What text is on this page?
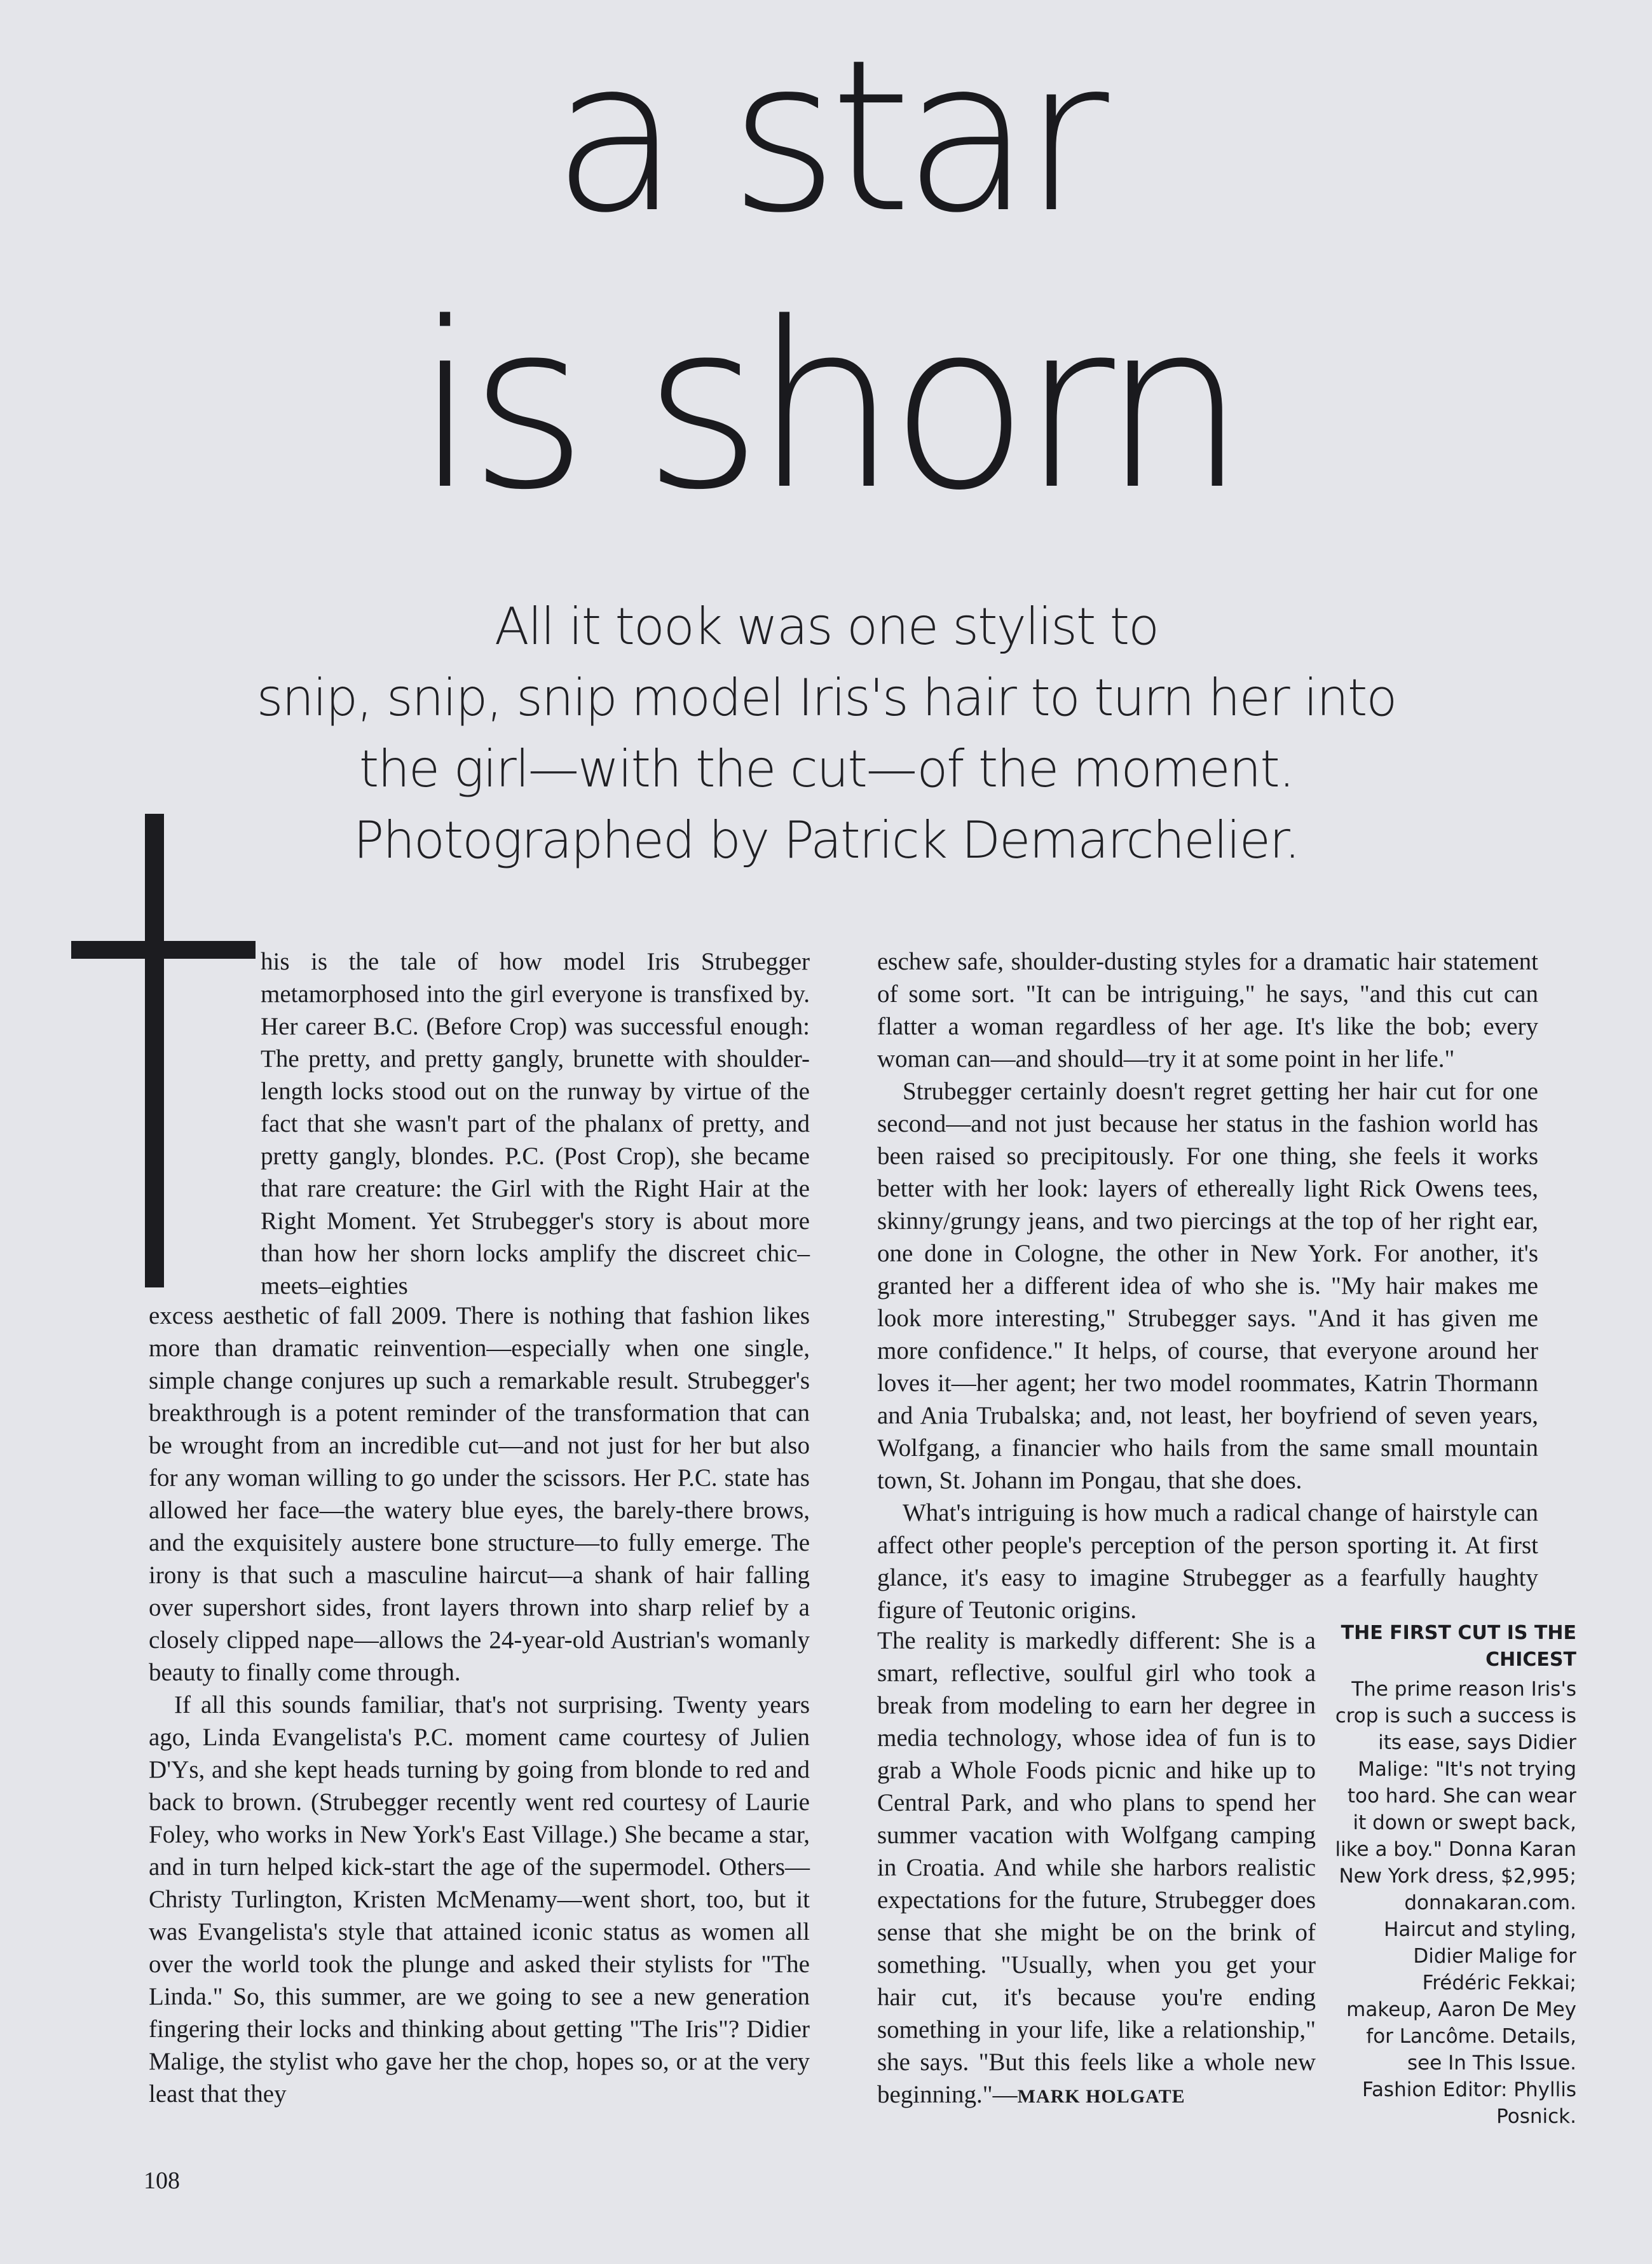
a star
is shorn
All it took was one stylist to
snip, snip, snip model Iris's hair to turn her into
the girl—with the cut—of the moment.
Photographed by Patrick Demarchelier.

his is the tale of how model Iris Strubegger metamorphosed into the girl everyone is transfixed by. Her career B.C. (Before Crop) was successful enough: The pretty, and pretty gangly, brunette with shoulder-length locks stood out on the runway by virtue of the fact that she wasn't part of the phalanx of pretty, and pretty gangly, blondes. P.C. (Post Crop), she became that rare creature: the Girl with the Right Hair at the Right Moment. Yet Strubegger's story is about more than how her shorn locks amplify the discreet chic–meets–eighties

excess aesthetic of fall 2009. There is nothing that fashion likes more than dramatic reinvention—especially when one single, simple change conjures up such a remarkable result. Strubegger's breakthrough is a potent reminder of the transformation that can be wrought from an incredible cut—and not just for her but also for any woman willing to go under the scissors. Her P.C. state has allowed her face—the watery blue eyes, the barely-there brows, and the exquisitely austere bone structure—to fully emerge. The irony is that such a masculine haircut—a shank of hair falling over supershort sides, front layers thrown into sharp relief by a closely clipped nape—allows the 24-year-old Austrian's womanly beauty to finally come through.

If all this sounds familiar, that's not surprising. Twenty years ago, Linda Evangelista's P.C. moment came courtesy of Julien D'Ys, and she kept heads turning by going from blonde to red and back to brown. (Strubegger recently went red courtesy of Laurie Foley, who works in New York's East Village.) She became a star, and in turn helped kick-start the age of the supermodel. Others—Christy Turlington, Kristen McMenamy—went short, too, but it was Evangelista's style that attained iconic status as women all over the world took the plunge and asked their stylists for "The Linda." So, this summer, are we going to see a new generation fingering their locks and thinking about getting "The Iris"? Didier Malige, the stylist who gave her the chop, hopes so, or at the very least that they

eschew safe, shoulder-dusting styles for a dramatic hair statement of some sort. "It can be intriguing," he says, "and this cut can flatter a woman regardless of her age. It's like the bob; every woman can—and should—try it at some point in her life."

Strubegger certainly doesn't regret getting her hair cut for one second—and not just because her status in the fashion world has been raised so precipitously. For one thing, she feels it works better with her look: layers of ethereally light Rick Owens tees, skinny/grungy jeans, and two piercings at the top of her right ear, one done in Cologne, the other in New York. For another, it's granted her a different idea of who she is. "My hair makes me look more interesting," Strubegger says. "And it has given me more confidence." It helps, of course, that everyone around her loves it—her agent; her two model roommates, Katrin Thormann and Ania Trubalska; and, not least, her boyfriend of seven years, Wolfgang, a financier who hails from the same small mountain town, St. Johann im Pongau, that she does.

What's intriguing is how much a radical change of hairstyle can affect other people's perception of the person sporting it. At first glance, it's easy to imagine Strubegger as a fearfully haughty figure of Teutonic origins.

The reality is markedly different: She is a smart, reflective, soulful girl who took a break from modeling to earn her degree in media technology, whose idea of fun is to grab a Whole Foods picnic and hike up to Central Park, and who plans to spend her summer vacation with Wolfgang camping in Croatia. And while she harbors realistic expectations for the future, Strubegger does sense that she might be on the brink of something. "Usually, when you get your hair cut, it's because you're ending something in your life, like a relationship," she says. "But this feels like a whole new beginning."—MARK HOLGATE

THE FIRST CUT IS THE CHICEST

The prime reason Iris's crop is such a success is its ease, says Didier Malige: "It's not trying too hard. She can wear it down or swept back, like a boy." Donna Karan New York dress, $2,995; donnakaran.com. Haircut and styling, Didier Malige for Frédéric Fekkai; makeup, Aaron De Mey for Lancôme. Details, see In This Issue.

Fashion Editor: Phyllis Posnick.

108
